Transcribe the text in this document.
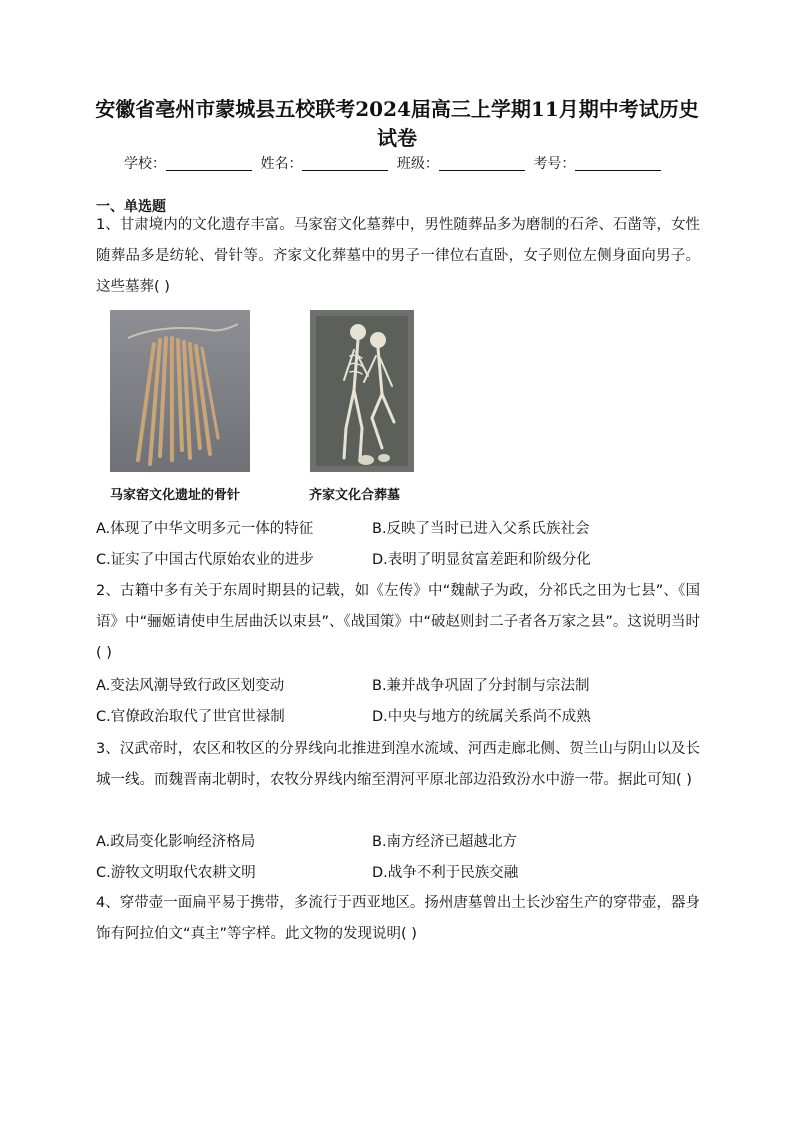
安徽省亳州市蒙城县五校联考2024届高三上学期11月期中考试历史
试卷
学校：	姓名：	班级：	考号：
一、单选题
1、甘肃境内的文化遗存丰富。马家窑文化墓葬中，男性随葬品多为磨制的石斧、石凿等，女性随葬品多是纺轮、骨针等。齐家文化葬墓中的男子一律位右直卧，女子则位左侧身面向男子。这些墓葬( )
马家窑文化遗址的骨针	齐家文化合葬墓
A.体现了中华文明多元一体的特征	B.反映了当时已进入父系氏族社会
C.证实了中国古代原始农业的进步	D.表明了明显贫富差距和阶级分化
2、古籍中多有关于东周时期县的记载，如《左传》中“魏献子为政，分祁氏之田为七县”、《国语》中“骊姬请使申生居曲沃以束县”、《战国策》中“破赵则封二子者各万家之县”。这说明当时( )
A.变法风潮导致行政区划变动	B.兼并战争巩固了分封制与宗法制
C.官僚政治取代了世官世禄制	D.中央与地方的统属关系尚不成熟
3、汉武帝时，农区和牧区的分界线向北推进到湟水流域、河西走廊北侧、贺兰山与阴山以及长城一线。而魏晋南北朝时，农牧分界线内缩至渭河平原北部边沿致汾水中游一带。据此可知( )
A.政局变化影响经济格局	B.南方经济已超越北方
C.游牧文明取代农耕文明	D.战争不利于民族交融
4、穿带壶一面扁平易于携带，多流行于西亚地区。扬州唐墓曾出土长沙窑生产的穿带壶，器身饰有阿拉伯文“真主”等字样。此文物的发现说明( )
